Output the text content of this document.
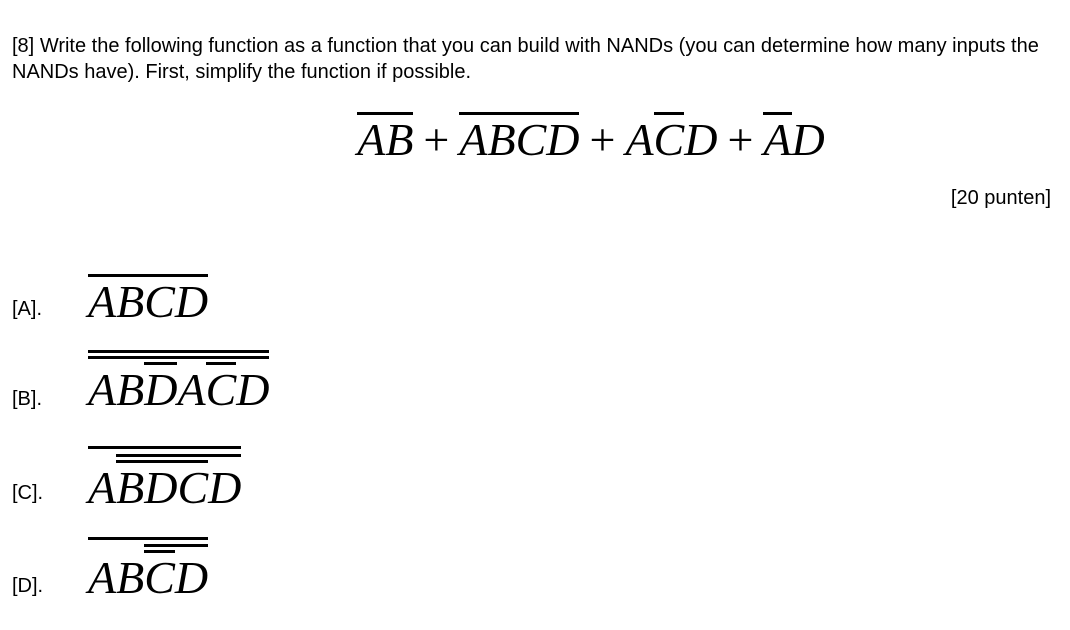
[8] Write the following function as a function that you can build with NANDs (you can determine how many inputs the NANDs have). First, simplify the function if possible.
AB + ABCD + ACD + AD
[20 punten]
[A]. ABCD
[B]. ABDACD
[C]. ABDCD
[D]. ABCD
